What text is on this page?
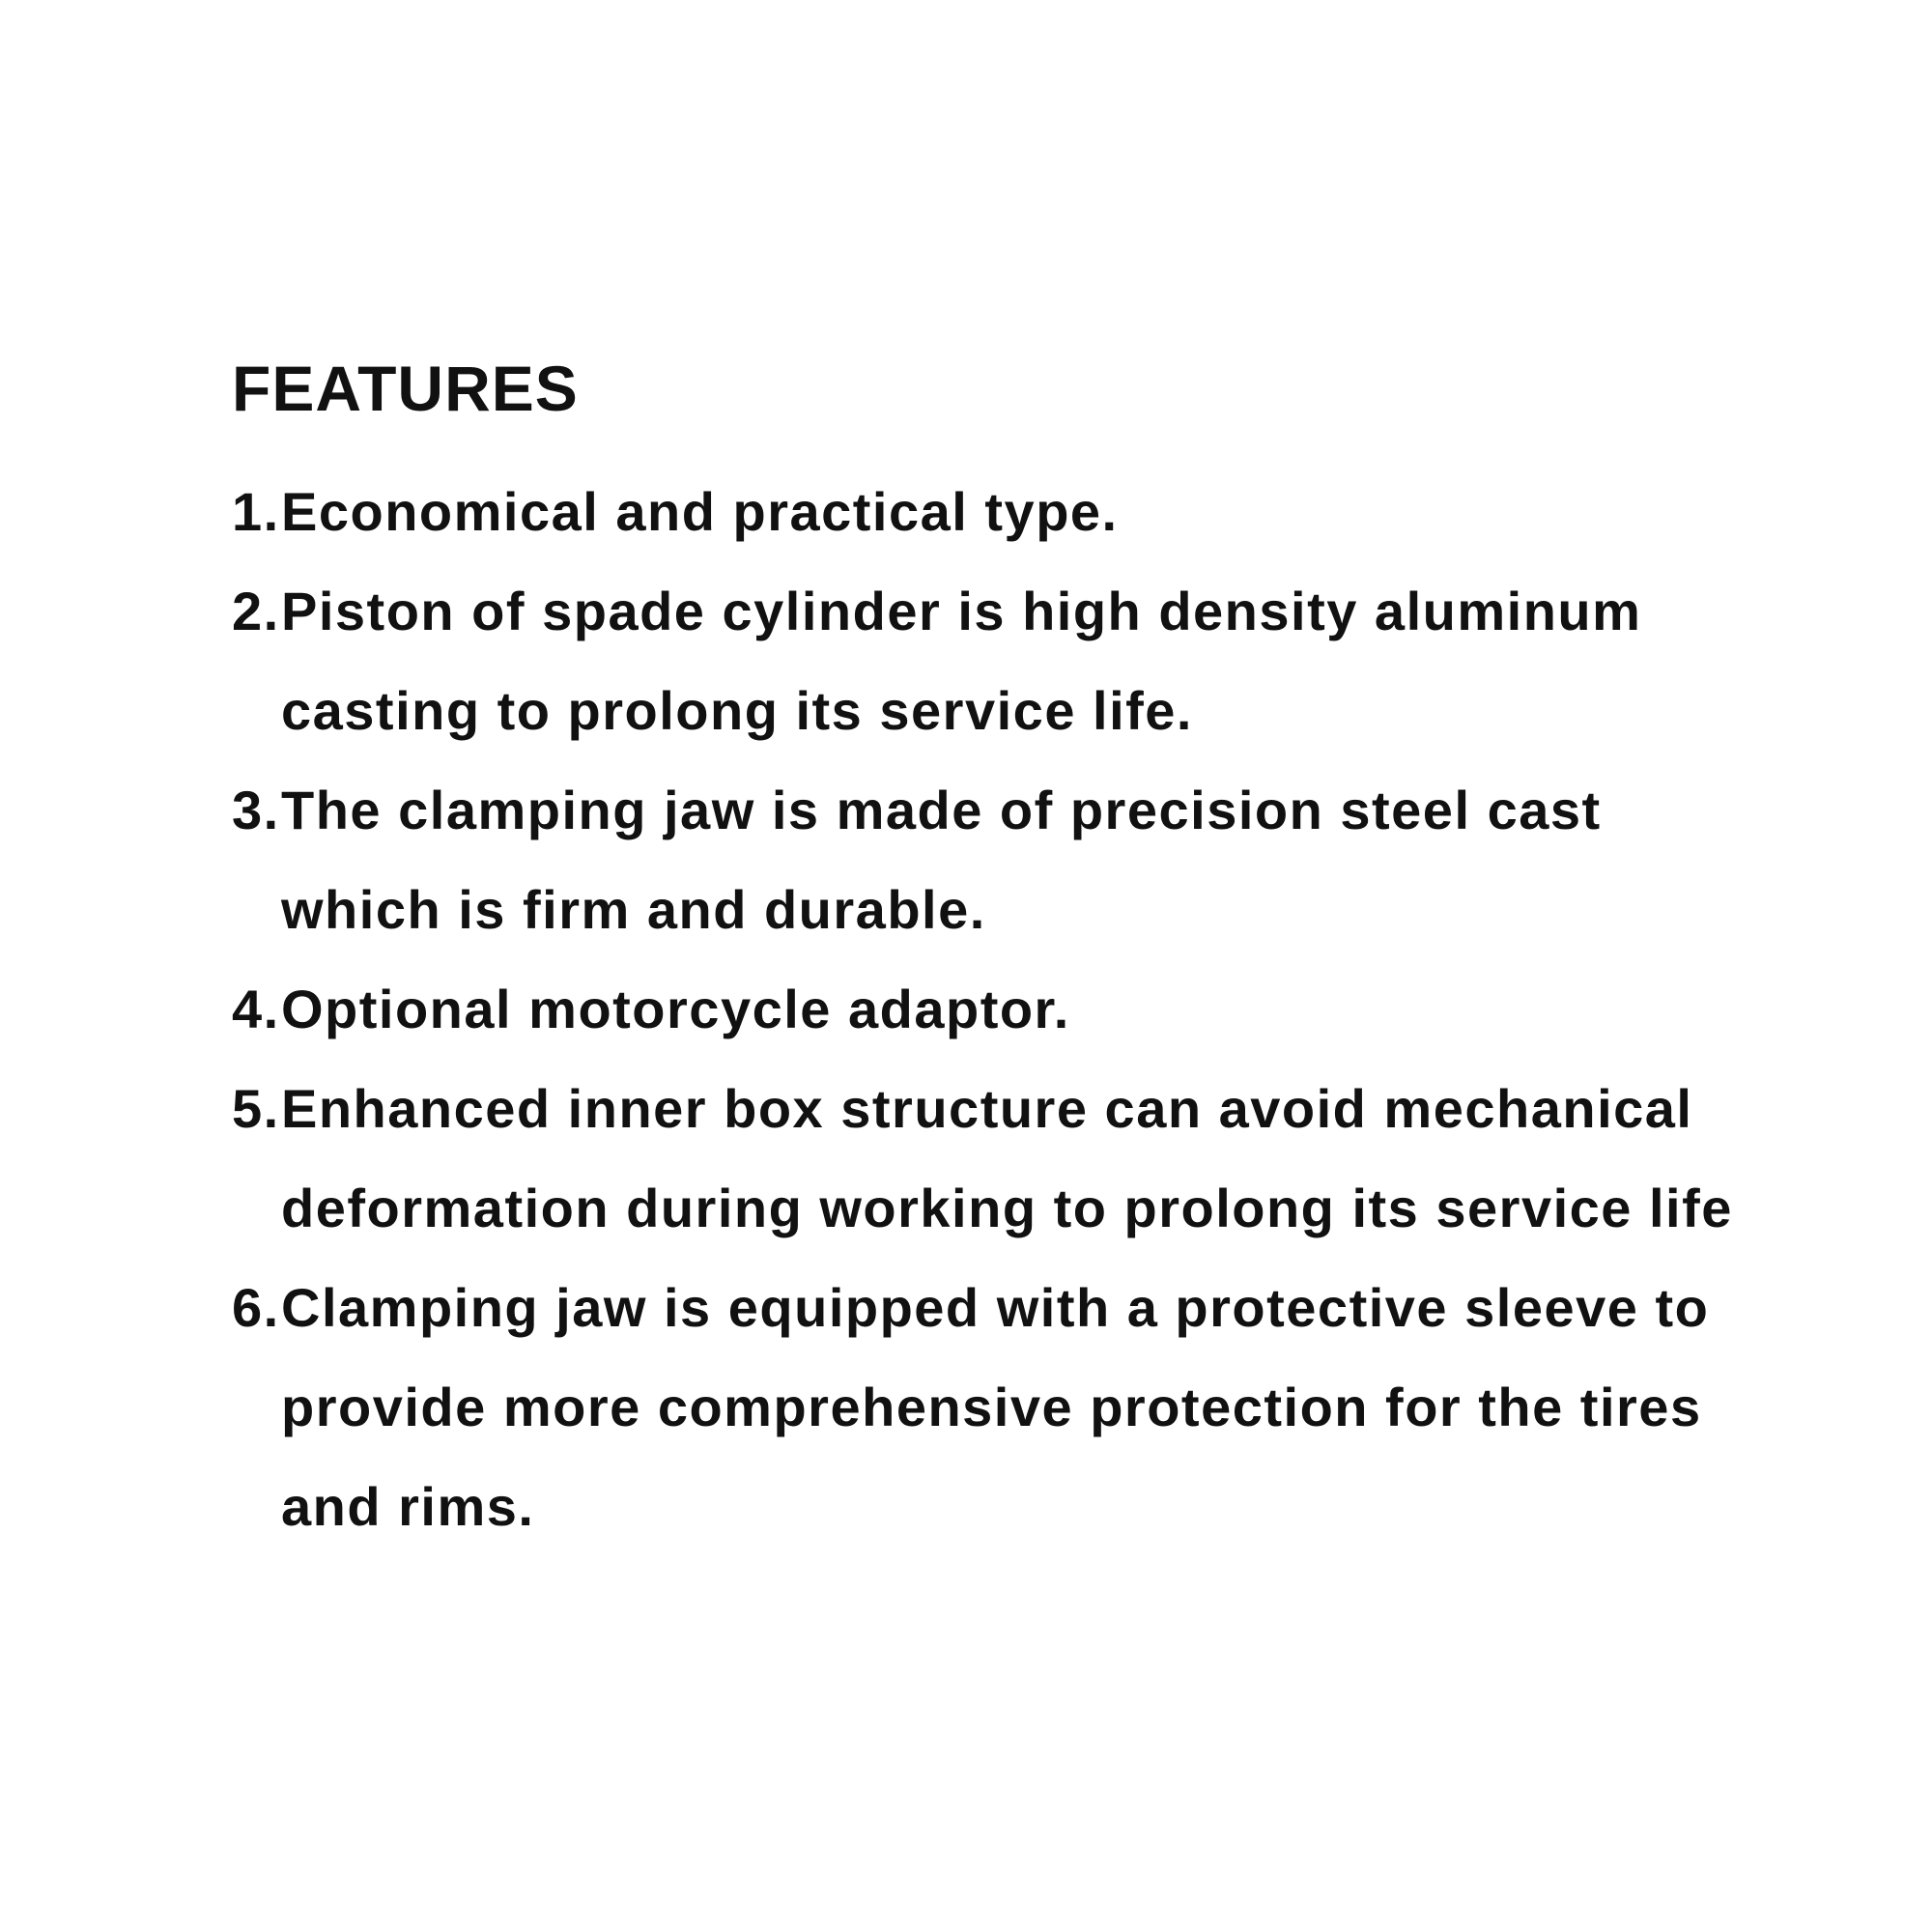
FEATURES
1. Economical and practical type.
2. Piston of spade cylinder is high density aluminum
casting to prolong its service life.
3. The clamping jaw is made of precision steel cast
which is firm and durable.
4. Optional motorcycle adaptor.
5. Enhanced inner box structure can avoid mechanical
deformation during working to prolong its service life
6. Clamping jaw is equipped with a protective sleeve to
provide more comprehensive protection for the tires
and rims.
